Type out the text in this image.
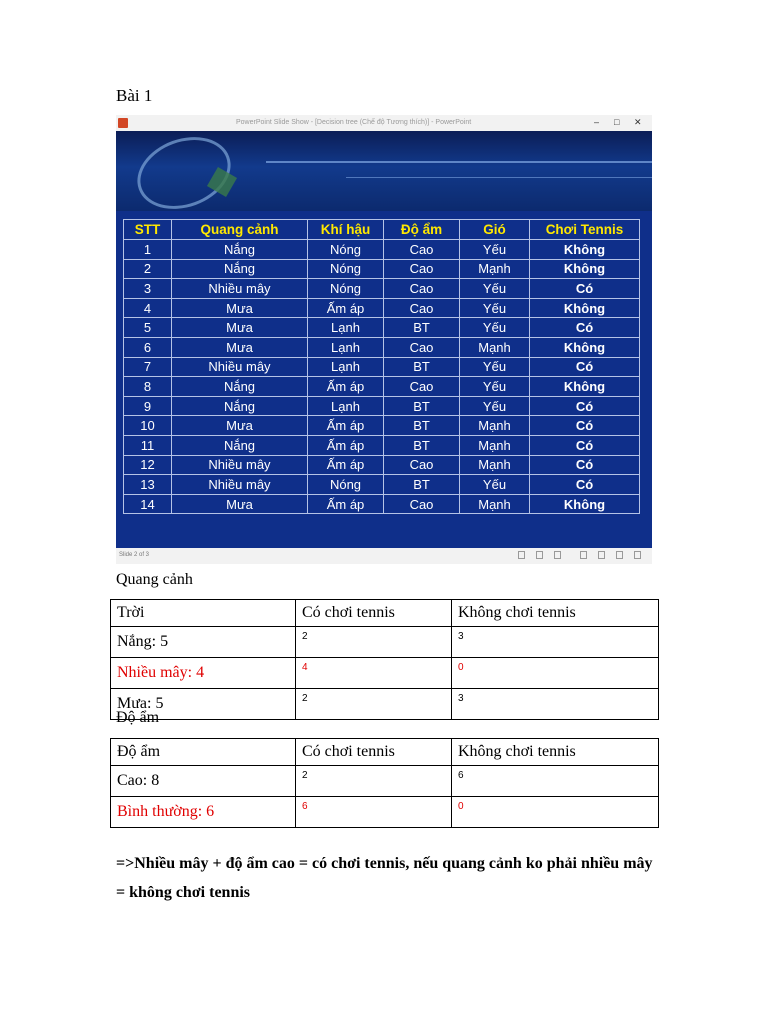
Bài 1
PowerPoint Slide Show - [Decision tree (Chế độ Tương thích)] - PowerPoint	– □ ✕
STT	Quang cảnh	Khí hậu	Độ ẩm	Gió	Chơi Tennis
1	Nắng	Nóng	Cao	Yếu	Không
2	Nắng	Nóng	Cao	Mạnh	Không
3	Nhiều mây	Nóng	Cao	Yếu	Có
4	Mưa	Ấm áp	Cao	Yếu	Không
5	Mưa	Lạnh	BT	Yếu	Có
6	Mưa	Lạnh	Cao	Mạnh	Không
7	Nhiều mây	Lạnh	BT	Yếu	Có
8	Nắng	Ấm áp	Cao	Yếu	Không
9	Nắng	Lạnh	BT	Yếu	Có
10	Mưa	Ấm áp	BT	Mạnh	Có
11	Nắng	Ấm áp	BT	Mạnh	Có
12	Nhiều mây	Ấm áp	Cao	Mạnh	Có
13	Nhiều mây	Nóng	BT	Yếu	Có
14	Mưa	Ấm áp	Cao	Mạnh	Không
Slide 2 of 3
Quang cảnh
Trời	Có chơi tennis	Không chơi tennis
Nắng: 5	2	3
Nhiều mây: 4	4	0
Mưa: 5	2	3
Độ ẩm
Độ ẩm	Có chơi tennis	Không chơi tennis
Cao: 8	2	6
Bình thường: 6	6	0
=>Nhiều mây + độ ẩm cao = có chơi tennis, nếu quang cảnh ko phải nhiều mây = không chơi tennis
